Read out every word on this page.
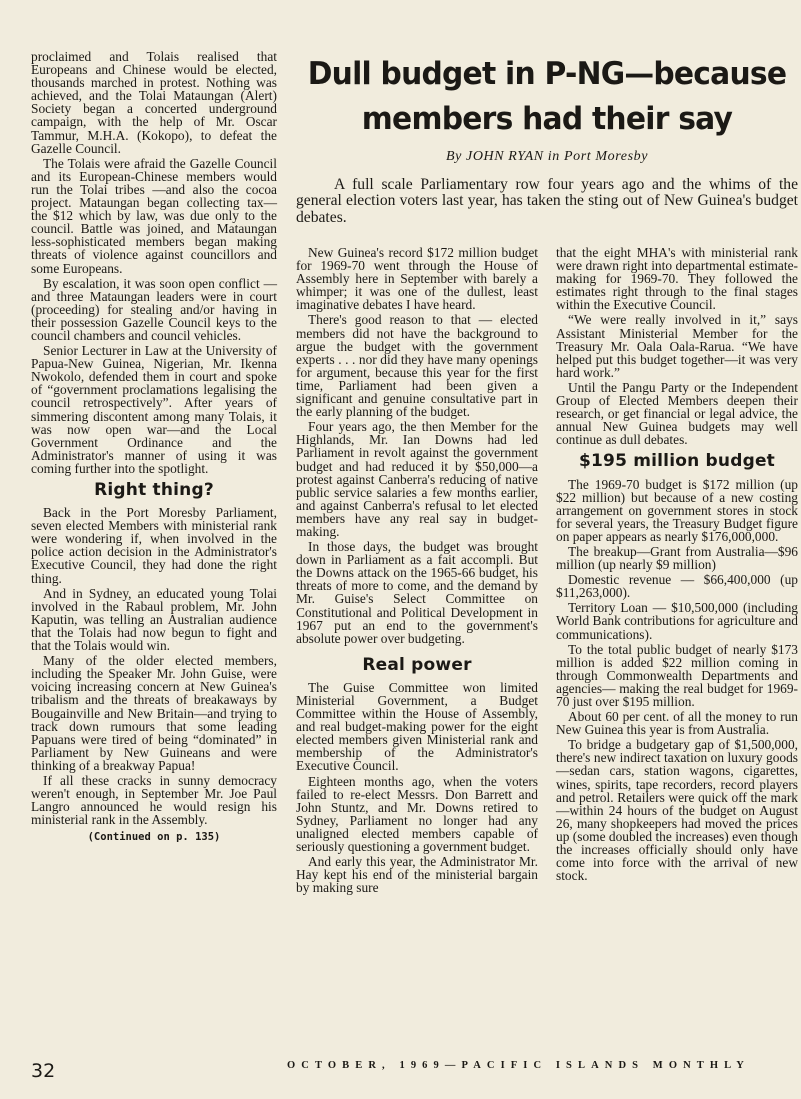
Dull budget in P-NG—because
members had their say
By JOHN RYAN in Port Moresby
A full scale Parliamentary row four years ago and the whims of the general election voters last year, has taken the sting out of New Guinea's budget debates.

proclaimed and Tolais realised that Europeans and Chinese would be elected, thousands marched in protest. Nothing was achieved, and the Tolai Mataungan (Alert) Society began a concerted underground campaign, with the help of Mr. Oscar Tammur, M.H.A. (Kokopo), to defeat the Gazelle Council.

The Tolais were afraid the Gazelle Council and its European-Chinese members would run the Tolai tribes —and also the cocoa project. Mataungan began collecting tax— the $12 which by law, was due only to the council. Battle was joined, and Mataungan less-sophisticated members began making threats of violence against councillors and some Europeans.

By escalation, it was soon open conflict — and three Mataungan leaders were in court (proceeding) for stealing and/or having in their possession Gazelle Council keys to the council chambers and council vehicles.

Senior Lecturer in Law at the University of Papua-New Guinea, Nigerian, Mr. Ikenna Nwokolo, defended them in court and spoke of “government proclamations legalising the council retrospectively”. After years of simmering discontent among many Tolais, it was now open war—and the Local Government Ordinance and the Administrator's manner of using it was coming further into the spotlight.

Right thing?

Back in the Port Moresby Parliament, seven elected Members with ministerial rank were wondering if, when involved in the police action decision in the Administrator's Executive Council, they had done the right thing.

And in Sydney, an educated young Tolai involved in the Rabaul problem, Mr. John Kaputin, was telling an Australian audience that the Tolais had now begun to fight and that the Tolais would win.

Many of the older elected members, including the Speaker Mr. John Guise, were voicing increasing concern at New Guinea's tribalism and the threats of breakaways by Bougainville and New Britain—and trying to track down rumours that some leading Papuans were tired of being “dominated” in Parliament by New Guineans and were thinking of a breakway Papua!

If all these cracks in sunny democracy weren't enough, in September Mr. Joe Paul Langro announced he would resign his ministerial rank in the Assembly.

(Continued on p. 135)

New Guinea's record $172 million budget for 1969-70 went through the House of Assembly here in September with barely a whimper; it was one of the dullest, least imaginative debates I have heard.

There's good reason to that — elected members did not have the background to argue the budget with the government experts . . . nor did they have many openings for argument, because this year for the first time, Parliament had been given a significant and genuine consultative part in the early planning of the budget.

Four years ago, the then Member for the Highlands, Mr. Ian Downs had led Parliament in revolt against the government budget and had reduced it by $50,000—a protest against Canberra's reducing of native public service salaries a few months earlier, and against Canberra's refusal to let elected members have any real say in budget-making.

In those days, the budget was brought down in Parliament as a fait accompli. But the Downs attack on the 1965-66 budget, his threats of more to come, and the demand by Mr. Guise's Select Committee on Constitutional and Political Development in 1967 put an end to the government's absolute power over budgeting.

Real power

The Guise Committee won limited Ministerial Government, a Budget Committee within the House of Assembly, and real budget-making power for the eight elected members given Ministerial rank and membership of the Administrator's Executive Council.

Eighteen months ago, when the voters failed to re-elect Messrs. Don Barrett and John Stuntz, and Mr. Downs retired to Sydney, Parliament no longer had any unaligned elected members capable of seriously questioning a government budget.

And early this year, the Administrator Mr. Hay kept his end of the ministerial bargain by making sure

that the eight MHA's with ministerial rank were drawn right into departmental estimate-making for 1969-70. They followed the estimates right through to the final stages within the Executive Council.

“We were really involved in it,” says Assistant Ministerial Member for the Treasury Mr. Oala Oala-Rarua. “We have helped put this budget together—it was very hard work.”

Until the Pangu Party or the Independent Group of Elected Members deepen their research, or get financial or legal advice, the annual New Guinea budgets may well continue as dull debates.

$195 million budget

The 1969-70 budget is $172 million (up $22 million) but because of a new costing arrangement on government stores in stock for several years, the Treasury Budget figure on paper appears as nearly $176,000,000.

The breakup—Grant from Australia—$96 million (up nearly $9 million)

Domestic revenue — $66,400,000 (up $11,263,000).

Territory Loan — $10,500,000 (including World Bank contributions for agriculture and communications).

To the total public budget of nearly $173 million is added $22 million coming in through Commonwealth Departments and agencies— making the real budget for 1969-70 just over $195 million.

About 60 per cent. of all the money to run New Guinea this year is from Australia.

To bridge a budgetary gap of $1,500,000, there's new indirect taxation on luxury goods—sedan cars, station wagons, cigarettes, wines, spirits, tape recorders, record players and petrol. Retailers were quick off the mark—within 24 hours of the budget on August 26, many shopkeepers had moved the prices up (some doubled the increases) even though the increases officially should only have come into force with the arrival of new stock.

32	OCTOBER, 1969—PACIFIC ISLANDS MONTHLY
